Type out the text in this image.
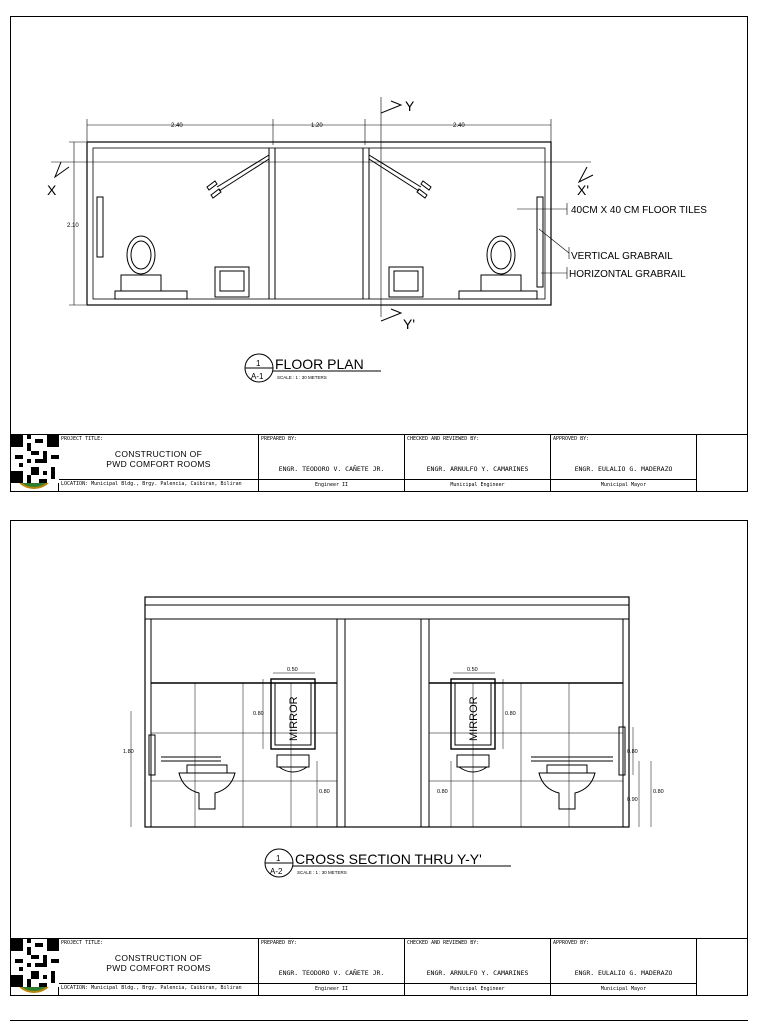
2.40	1.20	2.40
2.10
Y
Y'
X	X'
40CM X 40 CM FLOOR TILES
VERTICAL GRABRAIL
HORIZONTAL GRABRAIL
1
A-1
FLOOR PLAN
SCALE : 1 : 30 METERS
PROJECT TITLE:
CONSTRUCTION OF
PWD COMFORT ROOMS
LOCATION: Municipal Bldg., Brgy. Palencia, Caibiran, Biliran
PREPARED BY:
ENGR. TEODORO V. CAÑETE JR.
Engineer II
CHECKED AND REVIEWED BY:
ENGR. ARNULFO Y. CAMARINES
Municipal Engineer
APPROVED BY:
ENGR. EULALIO G. MADERAZO
Municipal Mayor
MIRROR	MIRROR
0.50	0.50
0.80	0.80
1.80
0.80	0.80
0.80
0.90
0.80
1
A-2
CROSS SECTION THRU Y-Y'
SCALE : 1 : 30 METERS
PROJECT TITLE:
CONSTRUCTION OF
PWD COMFORT ROOMS
LOCATION: Municipal Bldg., Brgy. Palencia, Caibiran, Biliran
PREPARED BY:
ENGR. TEODORO V. CAÑETE JR.
Engineer II
CHECKED AND REVIEWED BY:
ENGR. ARNULFO Y. CAMARINES
Municipal Engineer
APPROVED BY:
ENGR. EULALIO G. MADERAZO
Municipal Mayor
